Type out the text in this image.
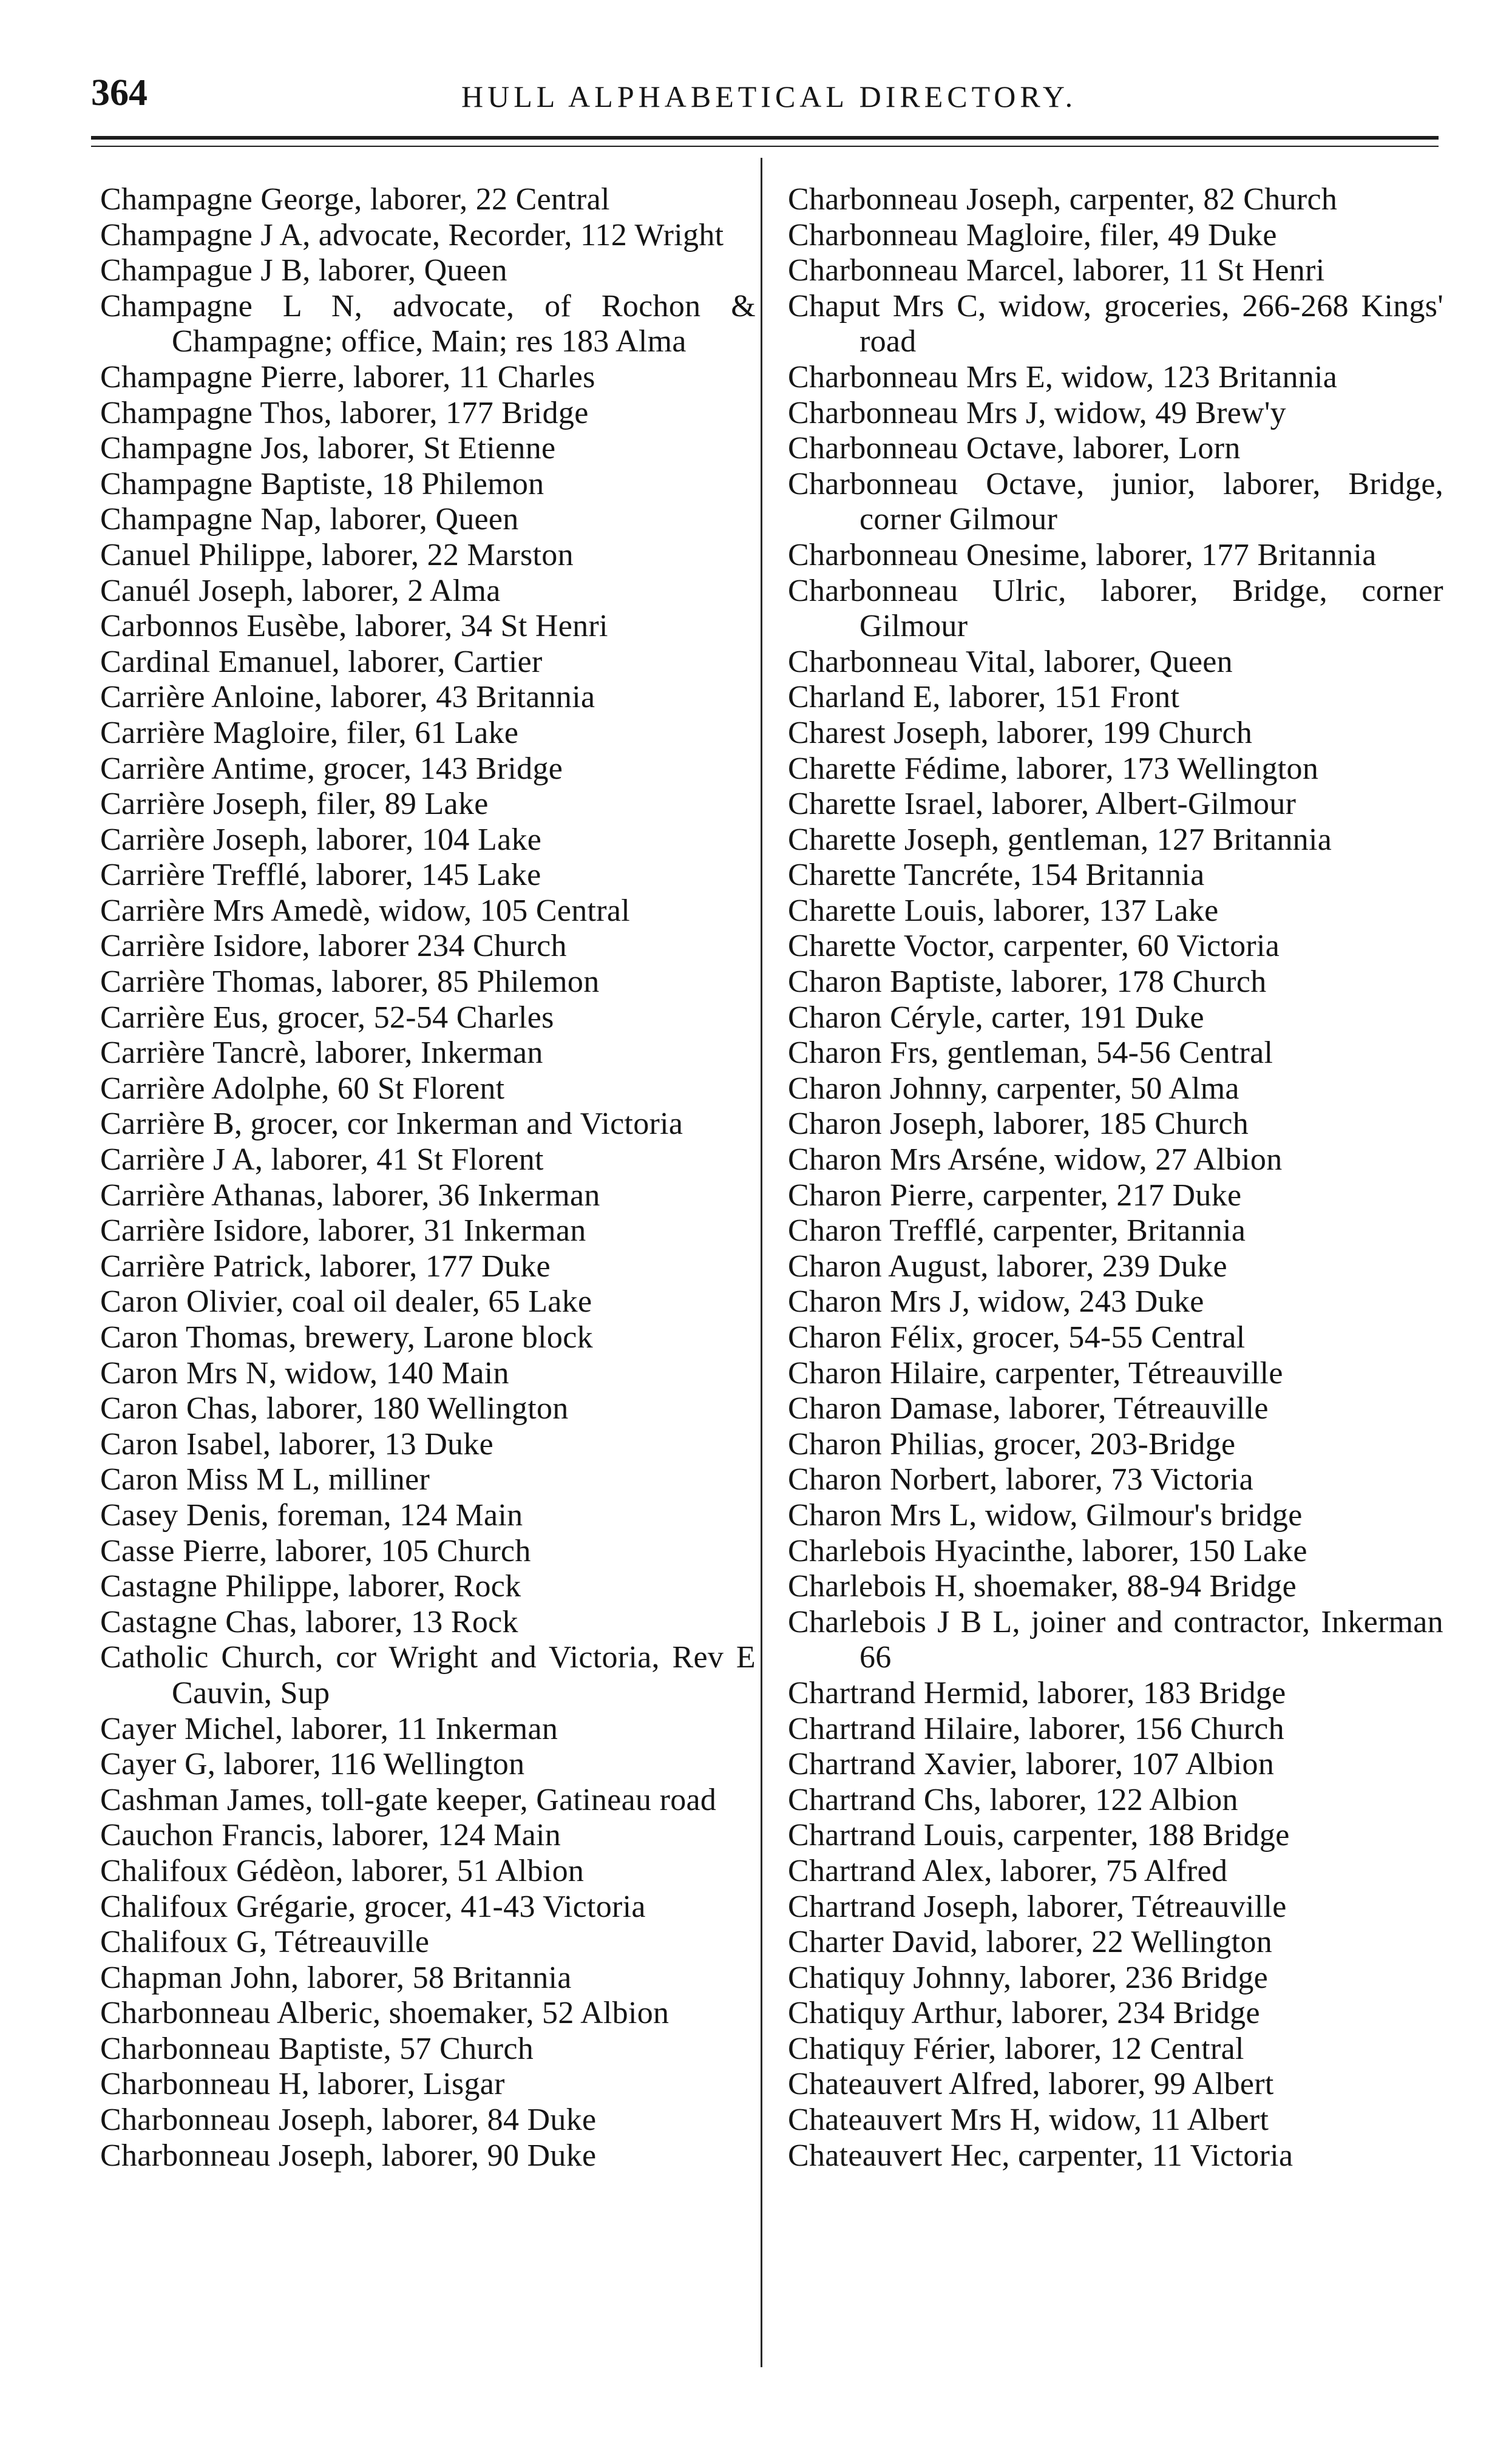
364	HULL ALPHABETICAL DIRECTORY.
Champagne George, laborer, 22 Central
Champagne J A, advocate, Recorder, 112 Wright
Champague J B, laborer, Queen
Champagne L N, advocate, of Rochon & Champagne; office, Main; res 183 Alma
Champagne Pierre, laborer, 11 Charles
Champagne Thos, laborer, 177 Bridge
Champagne Jos, laborer, St Etienne
Champagne Baptiste, 18 Philemon
Champagne Nap, laborer, Queen
Canuel Philippe, laborer, 22 Marston
Canuél Joseph, laborer, 2 Alma
Carbonnos Eusèbe, laborer, 34 St Henri
Cardinal Emanuel, laborer, Cartier
Carrière Anloine, laborer, 43 Britannia
Carrière Magloire, filer, 61 Lake
Carrière Antime, grocer, 143 Bridge
Carrière Joseph, filer, 89 Lake
Carrière Joseph, laborer, 104 Lake
Carrière Trefflé, laborer, 145 Lake
Carrière Mrs Amedè, widow, 105 Central
Carrière Isidore, laborer 234 Church
Carrière Thomas, laborer, 85 Philemon
Carrière Eus, grocer, 52-54 Charles
Carrière Tancrè, laborer, Inkerman
Carrière Adolphe, 60 St Florent
Carrière B, grocer, cor Inkerman and Victoria
Carrière J A, laborer, 41 St Florent
Carrière Athanas, laborer, 36 Inkerman
Carrière Isidore, laborer, 31 Inkerman
Carrière Patrick, laborer, 177 Duke
Caron Olivier, coal oil dealer, 65 Lake
Caron Thomas, brewery, Larone block
Caron Mrs N, widow, 140 Main
Caron Chas, laborer, 180 Wellington
Caron Isabel, laborer, 13 Duke
Caron Miss M L, milliner
Casey Denis, foreman, 124 Main
Casse Pierre, laborer, 105 Church
Castagne Philippe, laborer, Rock
Castagne Chas, laborer, 13 Rock
Catholic Church, cor Wright and Victoria, Rev E Cauvin, Sup
Cayer Michel, laborer, 11 Inkerman
Cayer G, laborer, 116 Wellington
Cashman James, toll-gate keeper, Gatineau road
Cauchon Francis, laborer, 124 Main
Chalifoux Gédèon, laborer, 51 Albion
Chalifoux Grégarie, grocer, 41-43 Victoria
Chalifoux G, Tétreauville
Chapman John, laborer, 58 Britannia
Charbonneau Alberic, shoemaker, 52 Albion
Charbonneau Baptiste, 57 Church
Charbonneau H, laborer, Lisgar
Charbonneau Joseph, laborer, 84 Duke
Charbonneau Joseph, laborer, 90 Duke
Charbonneau Joseph, carpenter, 82 Church
Charbonneau Magloire, filer, 49 Duke
Charbonneau Marcel, laborer, 11 St Henri
Chaput Mrs C, widow, groceries, 266-268 Kings' road
Charbonneau Mrs E, widow, 123 Britannia
Charbonneau Mrs J, widow, 49 Brew'y
Charbonneau Octave, laborer, Lorn
Charbonneau Octave, junior, laborer, Bridge, corner Gilmour
Charbonneau Onesime, laborer, 177 Britannia
Charbonneau Ulric, laborer, Bridge, corner Gilmour
Charbonneau Vital, laborer, Queen
Charland E, laborer, 151 Front
Charest Joseph, laborer, 199 Church
Charette Fédime, laborer, 173 Wellington
Charette Israel, laborer, Albert-Gilmour
Charette Joseph, gentleman, 127 Britannia
Charette Tancréte, 154 Britannia
Charette Louis, laborer, 137 Lake
Charette Voctor, carpenter, 60 Victoria
Charon Baptiste, laborer, 178 Church
Charon Céryle, carter, 191 Duke
Charon Frs, gentleman, 54-56 Central
Charon Johnny, carpenter, 50 Alma
Charon Joseph, laborer, 185 Church
Charon Mrs Arséne, widow, 27 Albion
Charon Pierre, carpenter, 217 Duke
Charon Trefflé, carpenter, Britannia
Charon August, laborer, 239 Duke
Charon Mrs J, widow, 243 Duke
Charon Félix, grocer, 54-55 Central
Charon Hilaire, carpenter, Tétreauville
Charon Damase, laborer, Tétreauville
Charon Philias, grocer, 203-Bridge
Charon Norbert, laborer, 73 Victoria
Charon Mrs L, widow, Gilmour's bridge
Charlebois Hyacinthe, laborer, 150 Lake
Charlebois H, shoemaker, 88-94 Bridge
Charlebois J B L, joiner and contractor, Inkerman 66
Chartrand Hermid, laborer, 183 Bridge
Chartrand Hilaire, laborer, 156 Church
Chartrand Xavier, laborer, 107 Albion
Chartrand Chs, laborer, 122 Albion
Chartrand Louis, carpenter, 188 Bridge
Chartrand Alex, laborer, 75 Alfred
Chartrand Joseph, laborer, Tétreauville
Charter David, laborer, 22 Wellington
Chatiquy Johnny, laborer, 236 Bridge
Chatiquy Arthur, laborer, 234 Bridge
Chatiquy Férier, laborer, 12 Central
Chateauvert Alfred, laborer, 99 Albert
Chateauvert Mrs H, widow, 11 Albert
Chateauvert Hec, carpenter, 11 Victoria
